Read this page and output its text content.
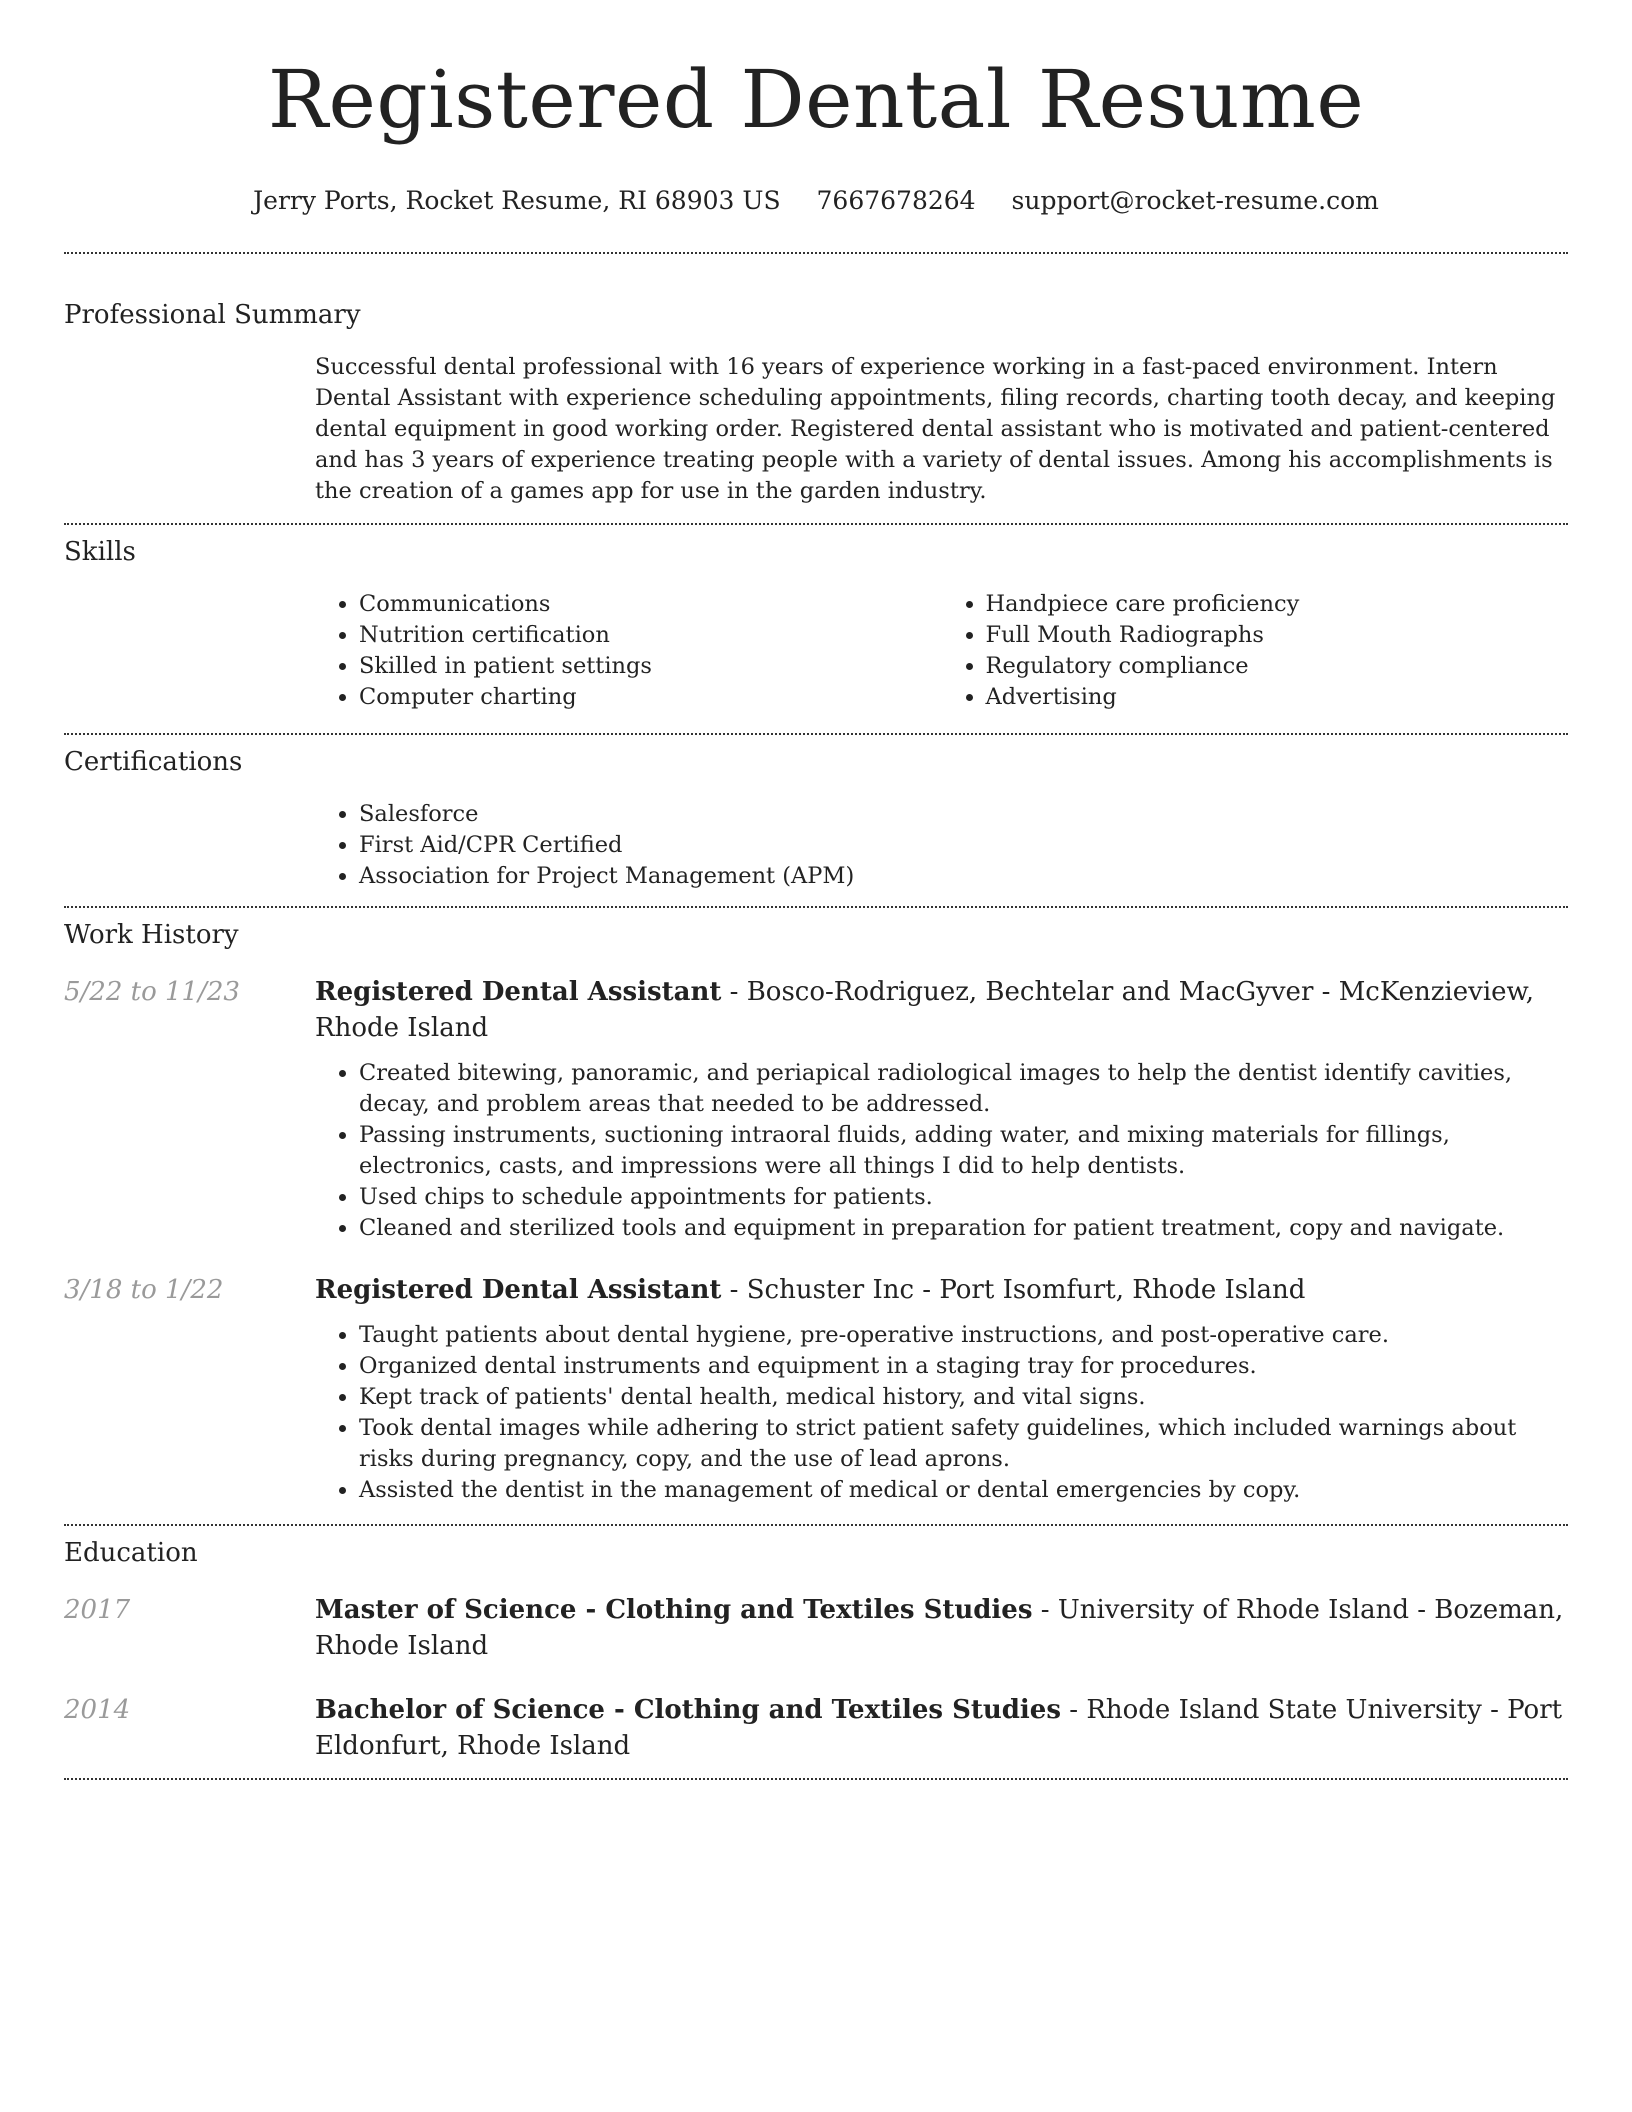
Registered Dental Resume
Jerry Ports, Rocket Resume, RI 68903 US 7667678264 support@rocket-resume.com
Professional Summary
Successful dental professional with 16 years of experience working in a fast-paced environment. Intern Dental Assistant with experience scheduling appointments, filing records, charting tooth decay, and keeping dental equipment in good working order. Registered dental assistant who is motivated and patient-centered and has 3 years of experience treating people with a variety of dental issues. Among his accomplishments is the creation of a games app for use in the garden industry.
Skills
• Communications
• Nutrition certification
• Skilled in patient settings
• Computer charting
• Handpiece care proficiency
• Full Mouth Radiographs
• Regulatory compliance
• Advertising
Certifications
• Salesforce
• First Aid/CPR Certified
• Association for Project Management (APM)
Work History
5/22 to 11/23	Registered Dental Assistant - Bosco-Rodriguez, Bechtelar and MacGyver - McKenzieview, Rhode Island
• Created bitewing, panoramic, and periapical radiological images to help the dentist identify cavities, decay, and problem areas that needed to be addressed.
• Passing instruments, suctioning intraoral fluids, adding water, and mixing materials for fillings, electronics, casts, and impressions were all things I did to help dentists.
• Used chips to schedule appointments for patients.
• Cleaned and sterilized tools and equipment in preparation for patient treatment, copy and navigate.
3/18 to 1/22	Registered Dental Assistant - Schuster Inc - Port Isomfurt, Rhode Island
• Taught patients about dental hygiene, pre-operative instructions, and post-operative care.
• Organized dental instruments and equipment in a staging tray for procedures.
• Kept track of patients' dental health, medical history, and vital signs.
• Took dental images while adhering to strict patient safety guidelines, which included warnings about risks during pregnancy, copy, and the use of lead aprons.
• Assisted the dentist in the management of medical or dental emergencies by copy.
Education
2017	Master of Science - Clothing and Textiles Studies - University of Rhode Island - Bozeman, Rhode Island
2014	Bachelor of Science - Clothing and Textiles Studies - Rhode Island State University - Port Eldonfurt, Rhode Island
